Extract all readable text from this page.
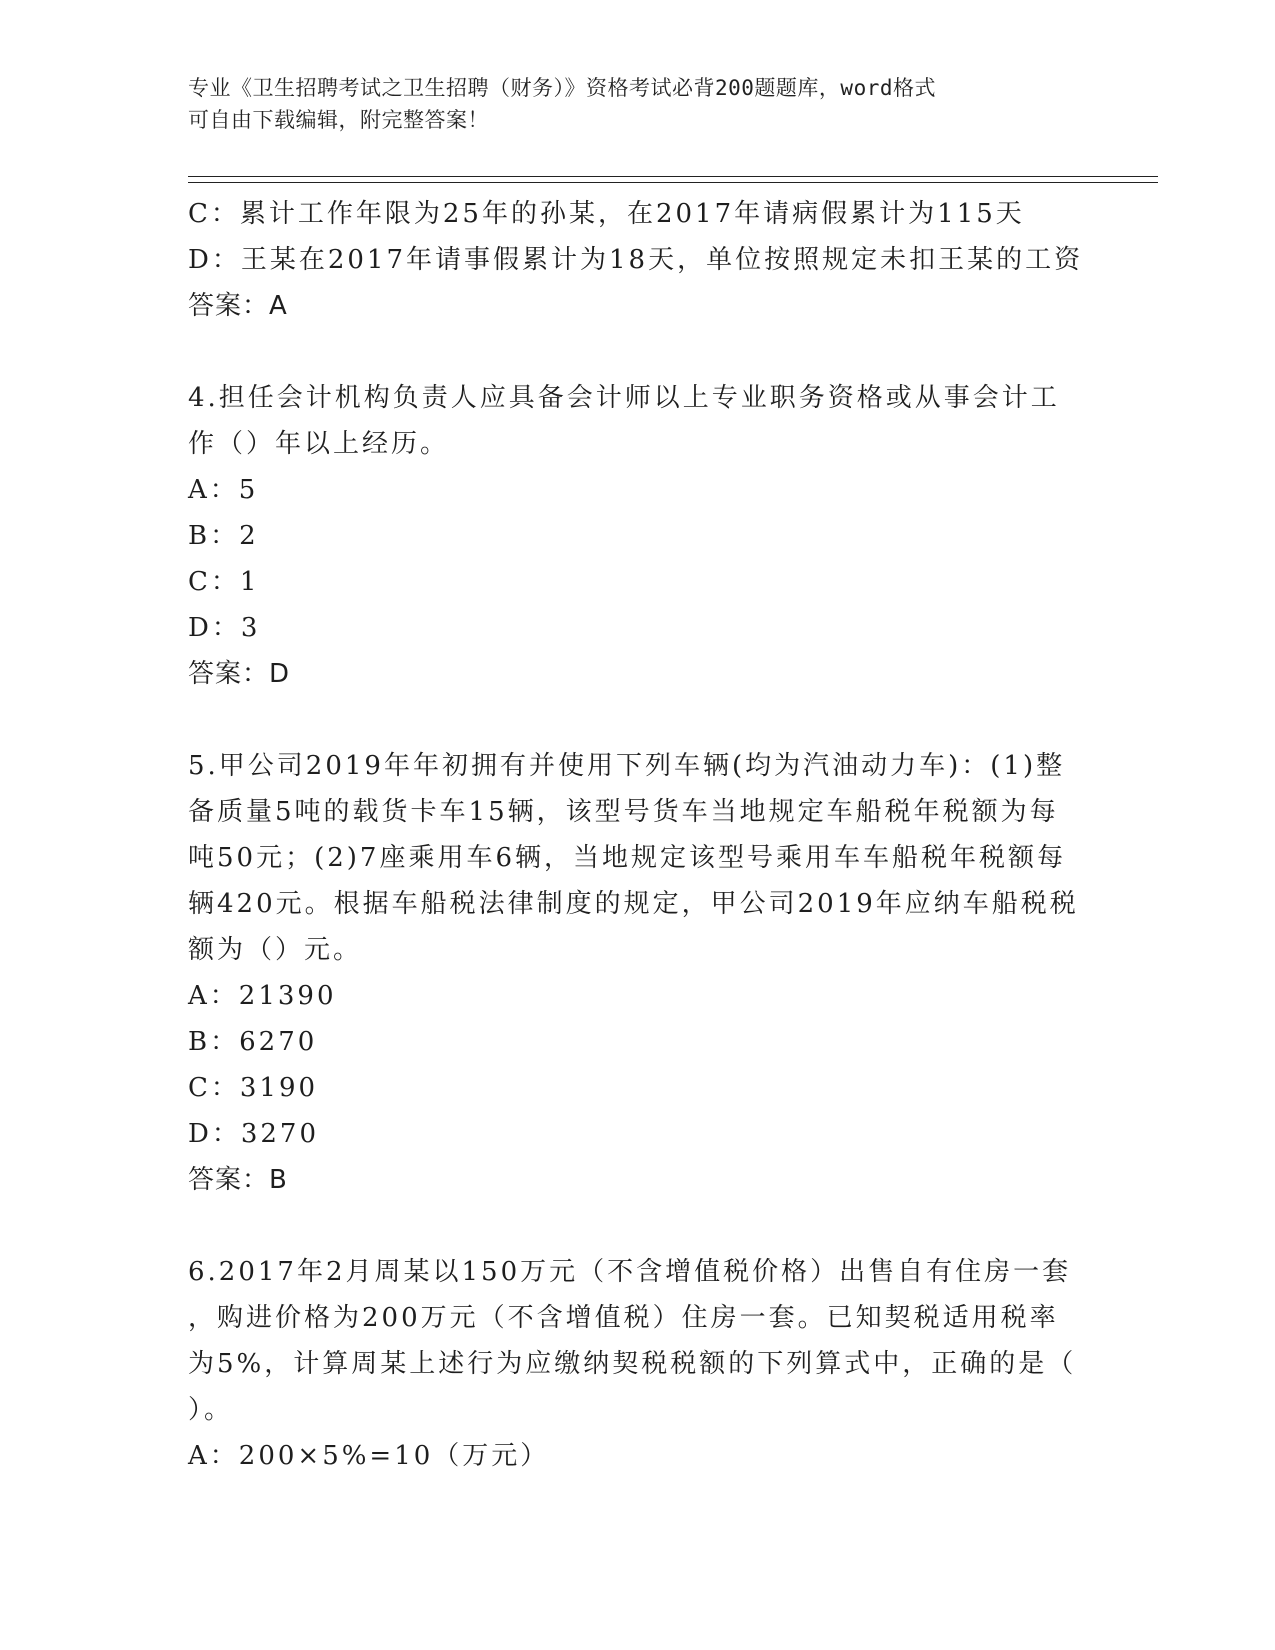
专业《卫生招聘考试之卫生招聘（财务）》资格考试必背200题题库，word格式
可自由下载编辑，附完整答案！
C：累计工作年限为25年的孙某，在2017年请病假累计为115天
D：王某在2017年请事假累计为18天，单位按照规定未扣王某的工资
答案：A
4.担任会计机构负责人应具备会计师以上专业职务资格或从事会计工
作（）年以上经历。
A：5
B：2
C：1
D：3
答案：D
5.甲公司2019年年初拥有并使用下列车辆(均为汽油动力车)：(1)整
备质量5吨的载货卡车15辆，该型号货车当地规定车船税年税额为每
吨50元；(2)7座乘用车6辆，当地规定该型号乘用车车船税年税额每
辆420元。根据车船税法律制度的规定，甲公司2019年应纳车船税税
额为（）元。
A：21390
B：6270
C：3190
D：3270
答案：B
6.2017年2月周某以150万元（不含增值税价格）出售自有住房一套
，购进价格为200万元（不含增值税）住房一套。已知契税适用税率
为5%，计算周某上述行为应缴纳契税税额的下列算式中，正确的是（
）。
A：200×5%=10（万元）
